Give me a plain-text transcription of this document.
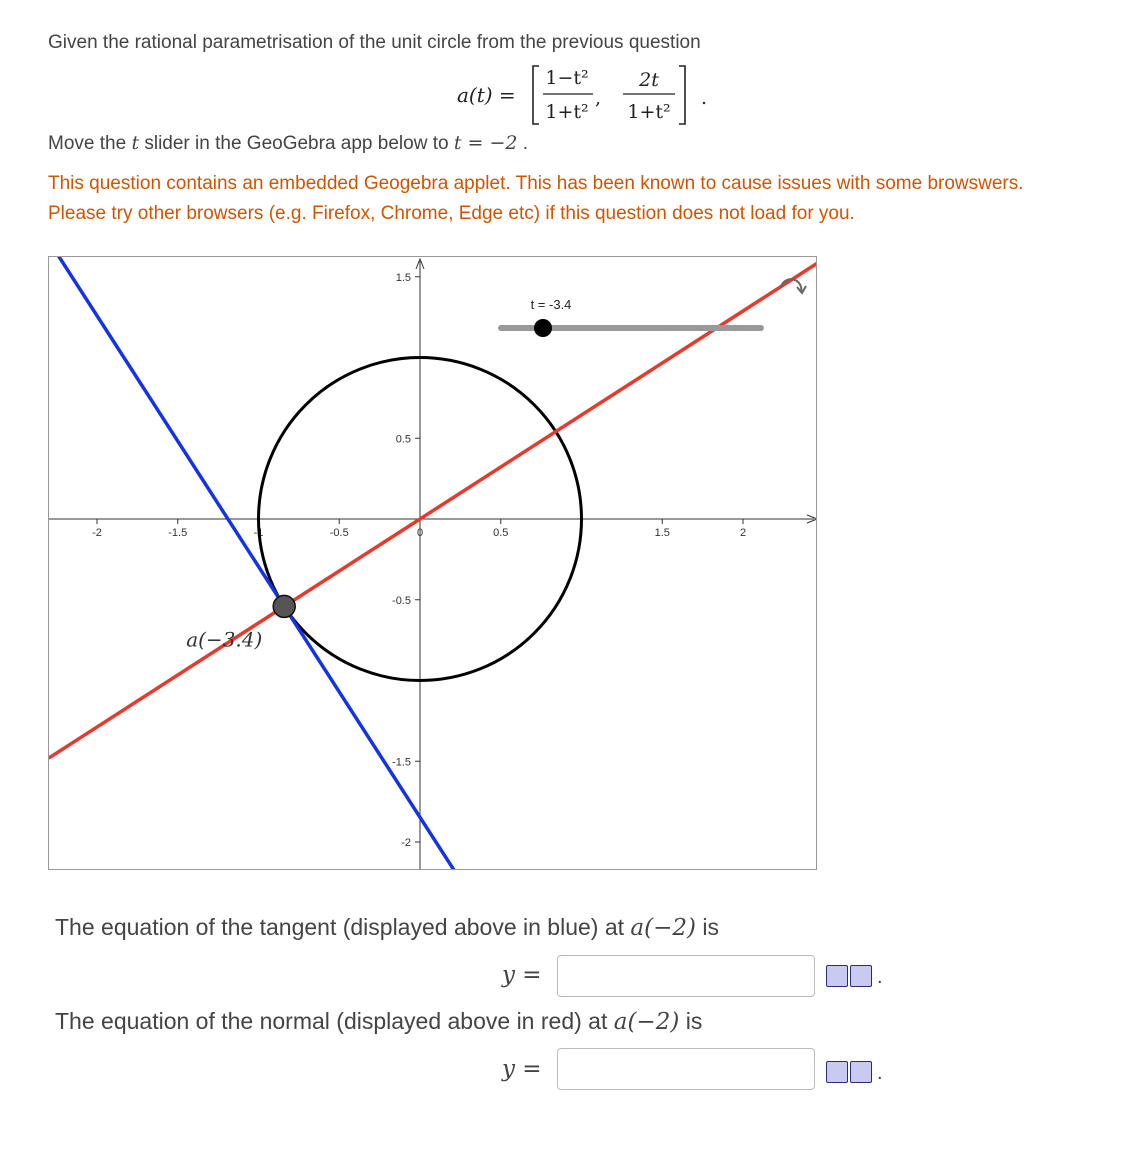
Given the rational parametrisation of the unit circle from the previous question
a(t) =
1−t²
1+t²
,
2t
1+t²
.
Move the t slider in the GeoGebra app below to t = −2 .
This question contains an embedded Geogebra applet. This has been known to cause issues with some browswers.
Please try other browsers (e.g. Firefox, Chrome, Edge etc) if this question does not load for you.
-2	-1.5	-1	-0.5	0	0.5	1.5	2
1.5
0.5
-0.5
-1.5
-2
a(−3.4)
t = -3.4
The equation of the tangent (displayed above in blue) at a(−2) is
y =	.
The equation of the normal (displayed above in red) at a(−2) is
y =	.
